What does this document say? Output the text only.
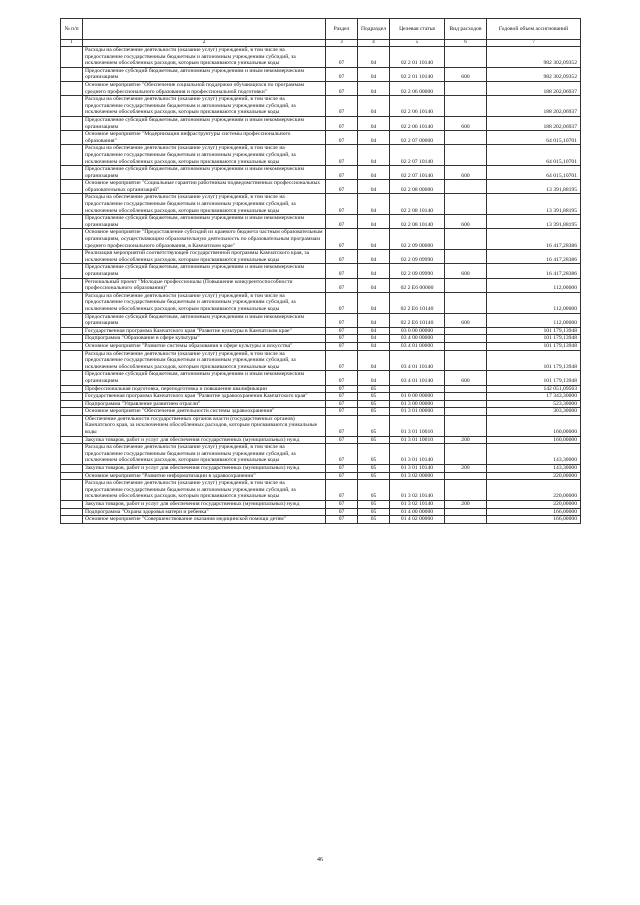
№ п/п		Раздел	Подраздел	Целевая статья	Вид расходов	Годовой объем ассигнований
1	2	3	4	5	6	7
	Расходы на обеспечение деятельности (оказание услуг) учреждений, в том числе на предоставление государственным бюджетным и автономным учреждениям субсидий, за исключением обособленных расходов, которым присваиваются уникальные коды	07	04	02 2 01 10140		982 302,09352
	Предоставление субсидий бюджетным, автономным учреждениям и иным некоммерческим организациям	07	04	02 2 01 10140	600	982 302,09352
	Основное мероприятие "Обеспечение социальной поддержки обучающихся по программам среднего профессионального образования и профессиональной подготовки"	07	04	02 2 06 00000		188 202,06937
	Расходы на обеспечение деятельности (оказание услуг) учреждений, в том числе на предоставление государственным бюджетным и автономным учреждениям субсидий, за исключением обособленных расходов, которым присваиваются уникальные коды	07	04	02 2 06 10140		188 202,06937
	Предоставление субсидий бюджетным, автономным учреждениям и иным некоммерческим организациям	07	04	02 2 06 10140	600	188 202,06937
	Основное мероприятие "Модернизация инфраструктуры системы профессионального образования"	07	04	02 2 07 00000		64 015,10701
	Расходы на обеспечение деятельности (оказание услуг) учреждений, в том числе на предоставление государственным бюджетным и автономным учреждениям субсидий, за исключением обособленных расходов, которым присваиваются уникальные коды	07	04	02 2 07 10140		64 015,10701
	Предоставление субсидий бюджетным, автономным учреждениям и иным некоммерческим организациям	07	04	02 2 07 10140	600	64 015,10701
	Основное мероприятие "Социальные гарантии работникам подведомственных профессиональных образовательных организаций"	07	04	02 2 08 00000		13 391,88195
	Расходы на обеспечение деятельности (оказание услуг) учреждений, в том числе на предоставление государственным бюджетным и автономным учреждениям субсидий, за исключением обособленных расходов, которым присваиваются уникальные коды	07	04	02 2 08 10140		13 391,88195
	Предоставление субсидий бюджетным, автономным учреждениям и иным некоммерческим организациям	07	04	02 2 08 10140	600	13 391,88195
	Основное мероприятие "Предоставление субсидий из краевого бюджета частным образовательным организациям, осуществляющим образовательную деятельность по образовательным программам среднего профессионального образования, в Камчатском крае"	07	04	02 2 09 00000		16 417,28386
	Реализация мероприятий соответствующей государственной программы Камчатского края, за исключением обособленных расходов, которым присваиваются уникальные коды	07	04	02 2 09 09990		16 417,28386
	Предоставление субсидий бюджетным, автономным учреждениям и иным некоммерческим организациям	07	04	02 2 09 09990	600	16 417,28386
	Региональный проект "Молодые профессионалы (Повышение конкурентоспособности профессионального образования)"	07	04	02 2 E6 00000		112,00000
	Расходы на обеспечение деятельности (оказание услуг) учреждений, в том числе на предоставление государственным бюджетным и автономным учреждениям субсидий, за исключением обособленных расходов, которым присваиваются уникальные коды	07	04	02 2 E6 10140		112,00000
	Предоставление субсидий бюджетным, автономным учреждениям и иным некоммерческим организациям	07	04	02 2 E6 10140	600	112,00000
	Государственная программа Камчатского края "Развитие культуры в Камчатском крае"	07	04	03 0 00 00000		101 179,13948
	Подпрограмма "Образование в сфере культуры"	07	04	03 4 00 00000		101 179,13948
	Основное мероприятие "Развитие системы образования в сфере культуры и искусства"	07	04	03 4 01 00000		101 179,13948
	Расходы на обеспечение деятельности (оказание услуг) учреждений, в том числе на предоставление государственным бюджетным и автономным учреждениям субсидий, за исключением обособленных расходов, которым присваиваются уникальные коды	07	04	03 4 01 10140		101 179,13948
	Предоставление субсидий бюджетным, автономным учреждениям и иным некоммерческим организациям	07	04	03 4 01 10140	600	101 179,13948
	Профессиональная подготовка, переподготовка и повышение квалификации	07	05			142 051,09563
	Государственная программа Камчатского края "Развитие здравоохранения Камчатского края"	07	05	01 0 00 00000		17 343,30000
	Подпрограмма "Управление развитием отрасли"	07	05	01 3 00 00000		523,30000
	Основное мероприятие "Обеспечение деятельности системы здравоохранения"	07	05	01 3 01 00000		303,30000
	Обеспечение деятельности государственных органов власти (государственных органов) Камчатского края, за исключением обособленных расходов, которым присваиваются уникальные коды	07	05	01 3 01 10010		160,00000
	Закупка товаров, работ и услуг для обеспечения государственных (муниципальных) нужд	07	05	01 3 01 10010	200	160,00000
	Расходы на обеспечение деятельности (оказание услуг) учреждений, в том числе на предоставление государственным бюджетным и автономным учреждениям субсидий, за исключением обособленных расходов, которым присваиваются уникальные коды	07	05	01 3 01 10140		143,30000
	Закупка товаров, работ и услуг для обеспечения государственных (муниципальных) нужд	07	05	01 3 01 10140	200	143,30000
	Основное мероприятие "Развитие информатизации в здравоохранении"	07	05	01 3 02 00000		220,00000
	Расходы на обеспечение деятельности (оказание услуг) учреждений, в том числе на предоставление государственным бюджетным и автономным учреждениям субсидий, за исключением обособленных расходов, которым присваиваются уникальные коды	07	05	01 3 02 10140		220,00000
	Закупка товаров, работ и услуг для обеспечения государственных (муниципальных) нужд	07	05	01 3 02 10140	200	220,00000
	Подпрограмма "Охрана здоровья матери и ребенка"	07	05	01 4 00 00000		166,00000
	Основное мероприятие "Совершенствование оказания медицинской помощи детям"	07	05	01 4 02 00000		166,00000
46
